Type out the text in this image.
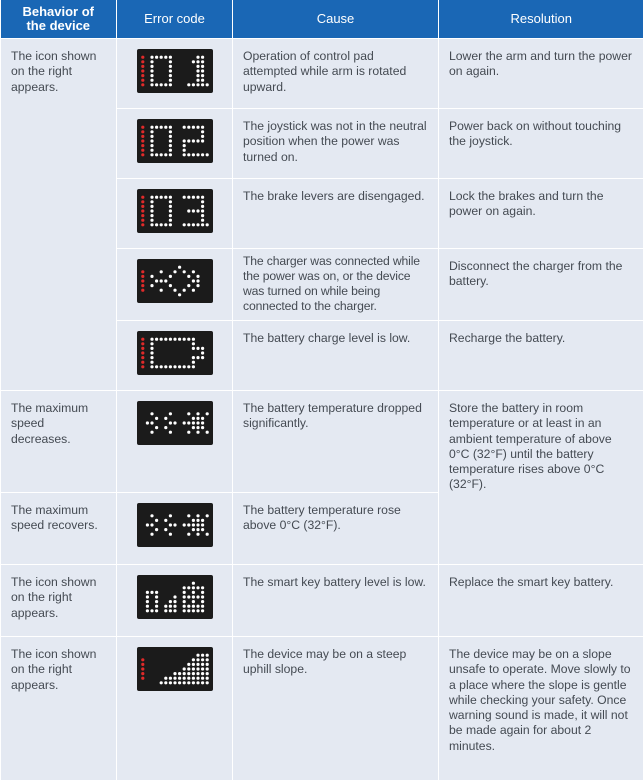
Behavior of the device	Error code	Cause	Resolution
The icon shown on the right appears.		Operation of control pad attempted while arm is rotated upward.	Lower the arm and turn the power on again.

	The joystick was not in the neutral position when the power was turned on.	Power back on without touching the joystick.

	The brake levers are disengaged.	Lock the brakes and turn the power on again.

	The charger was connected while the power was on, or the device was turned on while being connected to the charger.	Disconnect the charger from the battery.

	The battery charge level is low.	Recharge the battery.
The maximum speed decreases.		The battery temperature dropped significantly.	Store the battery in room temperature or at least in an ambient temperature of above 0°C (32°F) until the battery temperature rises above 0°C (32°F).
The maximum speed recovers.		The battery temperature rose above 0°C (32°F).	
The icon shown on the right appears.		The smart key battery level is low.	Replace the smart key battery.
The icon shown on the right appears.		The device may be on a steep uphill slope.	The device may be on a slope unsafe to operate. Move slowly to a place where the slope is gentle while checking your safety. Once warning sound is made, it will not be made again for about 2 minutes.
